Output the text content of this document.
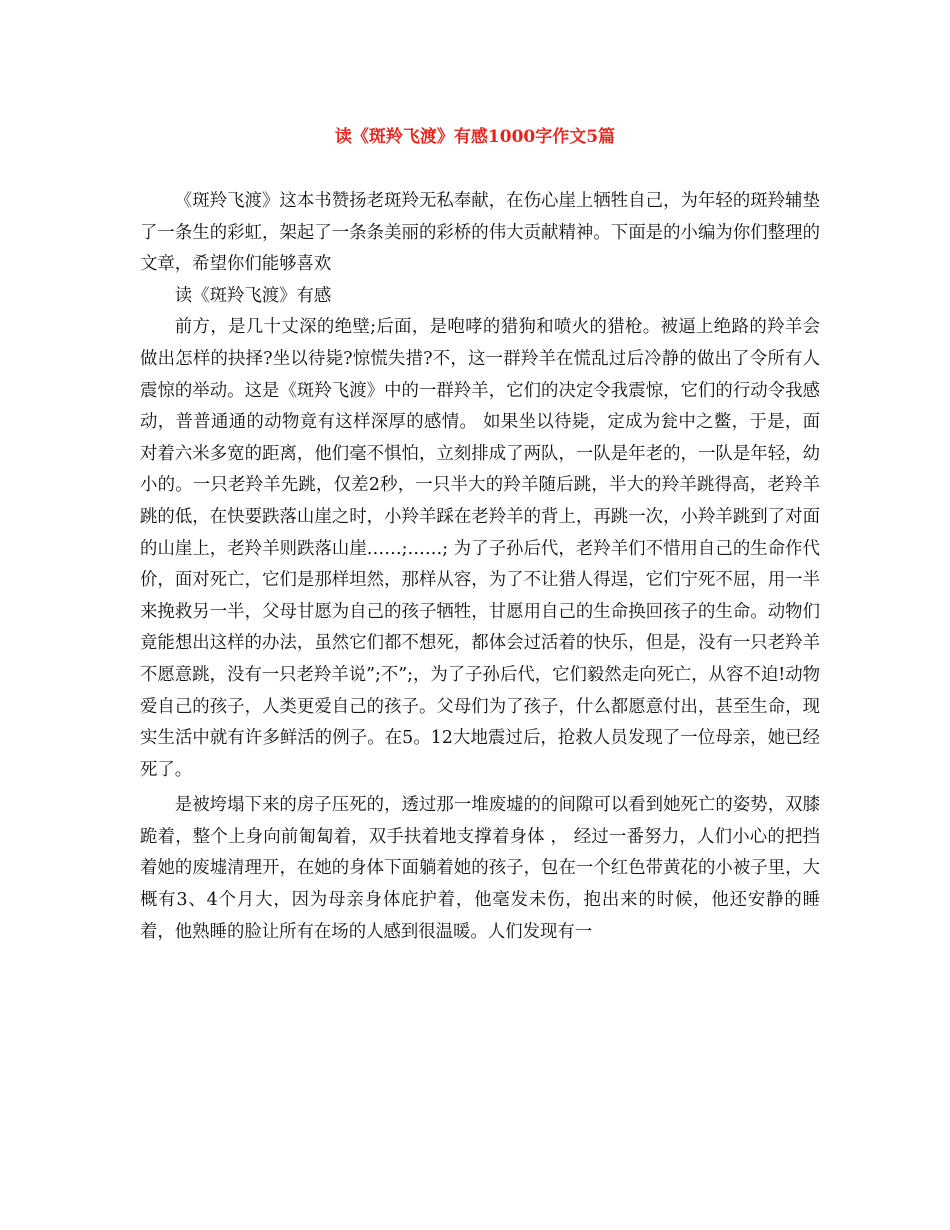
读《斑羚飞渡》有感1000字作文5篇

《斑羚飞渡》这本书赞扬老斑羚无私奉献，在伤心崖上牺牲自己，为年轻的斑羚辅垫了一条生的彩虹，架起了一条条美丽的彩桥的伟大贡献精神。下面是的小编为你们整理的文章，希望你们能够喜欢

读《斑羚飞渡》有感

前方，是几十丈深的绝壁;后面，是咆哮的猎狗和喷火的猎枪。被逼上绝路的羚羊会做出怎样的抉择?坐以待毙?惊慌失措?不，这一群羚羊在慌乱过后冷静的做出了令所有人震惊的举动。这是《斑羚飞渡》中的一群羚羊，它们的决定令我震惊，它们的行动令我感动，普普通通的动物竟有这样深厚的感情。 如果坐以待毙，定成为瓮中之鳖，于是，面对着六米多宽的距离，他们毫不惧怕，立刻排成了两队，一队是年老的，一队是年轻，幼小的。一只老羚羊先跳，仅差2秒，一只半大的羚羊随后跳，半大的羚羊跳得高，老羚羊跳的低，在快要跌落山崖之时，小羚羊踩在老羚羊的背上，再跳一次，小羚羊跳到了对面的山崖上，老羚羊则跌落山崖……;……; 为了子孙后代，老羚羊们不惜用自己的生命作代价，面对死亡，它们是那样坦然，那样从容，为了不让猎人得逞，它们宁死不屈，用一半来挽救另一半，父母甘愿为自己的孩子牺牲，甘愿用自己的生命换回孩子的生命。动物们竟能想出这样的办法，虽然它们都不想死，都体会过活着的快乐，但是，没有一只老羚羊不愿意跳，没有一只老羚羊说”;不”;，为了子孙后代，它们毅然走向死亡，从容不迫!动物爱自己的孩子，人类更爱自己的孩子。父母们为了孩子，什么都愿意付出，甚至生命，现实生活中就有许多鲜活的例子。在5。12大地震过后，抢救人员发现了一位母亲，她已经死了。

是被垮塌下来的房子压死的，透过那一堆废墟的的间隙可以看到她死亡的姿势，双膝跪着，整个上身向前匍匐着，双手扶着地支撑着身体 ， 经过一番努力，人们小心的把挡着她的废墟清理开，在她的身体下面躺着她的孩子，包在一个红色带黄花的小被子里，大概有3、4个月大，因为母亲身体庇护着，他毫发未伤，抱出来的时候，他还安静的睡着，他熟睡的脸让所有在场的人感到很温暖。人们发现有一
